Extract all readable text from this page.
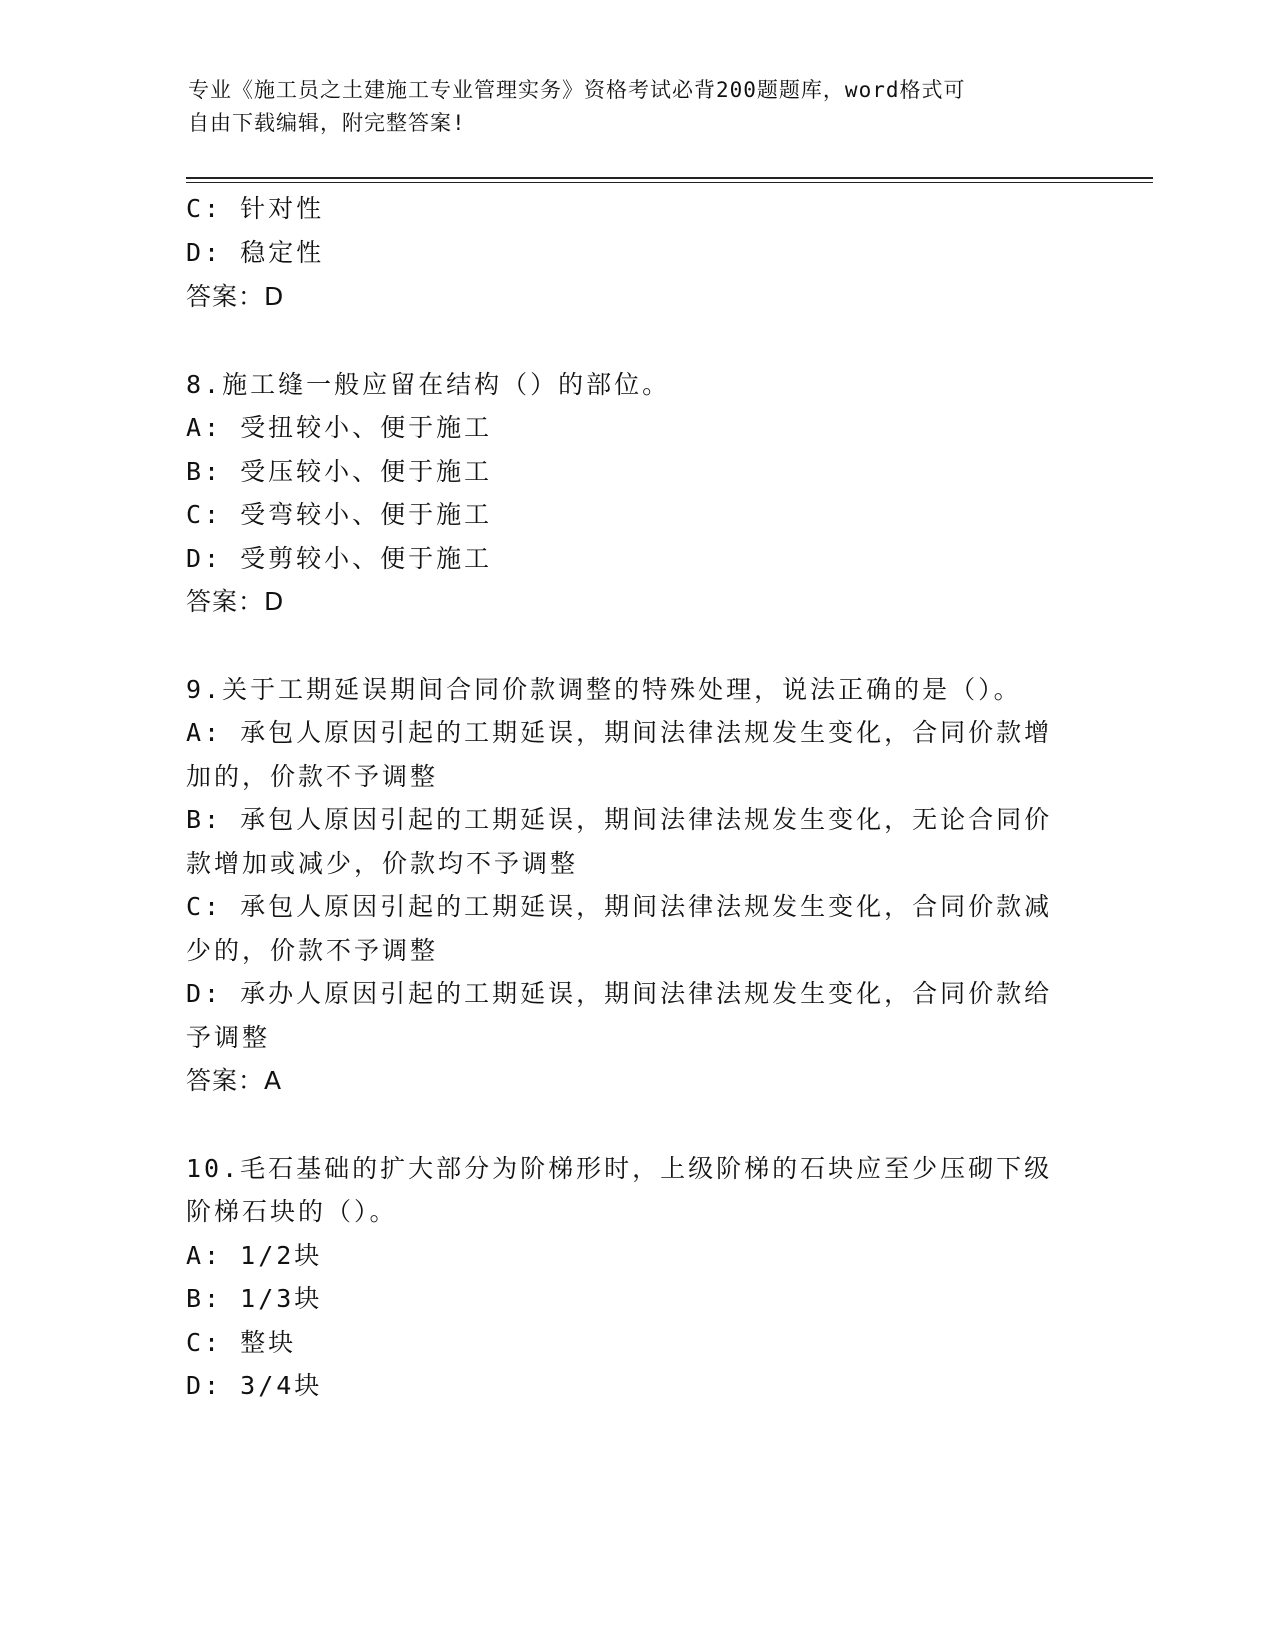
专业《施工员之土建施工专业管理实务》资格考试必背200题题库，word格式可
自由下载编辑，附完整答案!
C: 针对性
D: 稳定性
答案：D
8.施工缝一般应留在结构（）的部位。
A: 受扭较小、便于施工
B: 受压较小、便于施工
C: 受弯较小、便于施工
D: 受剪较小、便于施工
答案：D
9.关于工期延误期间合同价款调整的特殊处理，说法正确的是（）。
A: 承包人原因引起的工期延误，期间法律法规发生变化，合同价款增
加的，价款不予调整
B: 承包人原因引起的工期延误，期间法律法规发生变化，无论合同价
款增加或减少，价款均不予调整
C: 承包人原因引起的工期延误，期间法律法规发生变化，合同价款减
少的，价款不予调整
D: 承办人原因引起的工期延误，期间法律法规发生变化，合同价款给
予调整
答案：A
10.毛石基础的扩大部分为阶梯形时，上级阶梯的石块应至少压砌下级
阶梯石块的（）。
A: 1/2块
B: 1/3块
C: 整块
D: 3/4块
